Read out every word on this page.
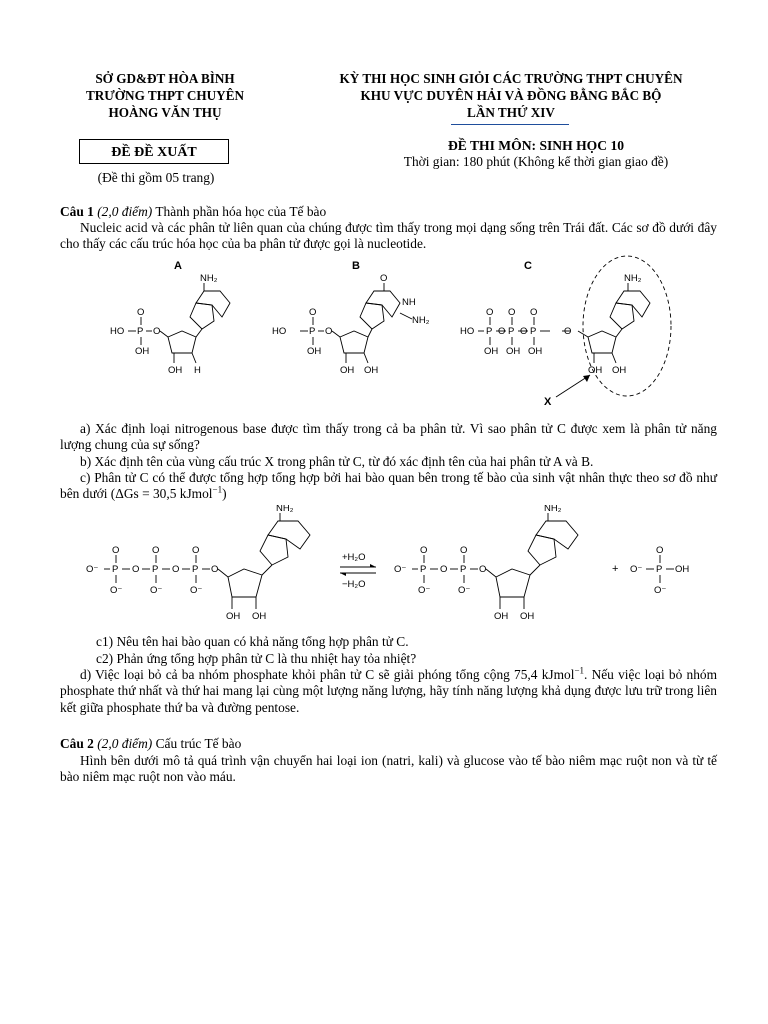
SỞ GD&ĐT HÒA BÌNH
TRƯỜNG THPT CHUYÊN
HOÀNG VĂN THỤ
KỲ THI HỌC SINH GIỎI CÁC TRƯỜNG THPT CHUYÊN
KHU VỰC DUYÊN HẢI VÀ ĐỒNG BẰNG BẮC BỘ
LẦN THỨ XIV
ĐỀ ĐỀ XUẤT
(Đề thi gồm 05 trang)
ĐỀ THI MÔN: SINH HỌC 10
Thời gian: 180 phút (Không kể thời gian giao đề)
Câu 1 (2,0 điểm) Thành phần hóa học của Tế bào
Nucleic acid và các phân tử liên quan của chúng được tìm thấy trong mọi dạng sống trên Trái đất. Các sơ đồ dưới đây cho thấy các cấu trúc hóa học của ba phân tử được gọi là nucleotide.
A	B	C
X
NH₂
HO P
O
OH
O
OH H
O
NH
NH₂
HO P
O
OH
O
OH OH
NH₂
HO P P P
O O O
OH OH OH
O O	O
OH OH
a) Xác định loại nitrogenous base được tìm thấy trong cả ba phân tử. Vì sao phân tử C được xem là phân tử năng lượng chung của sự sống?
b) Xác định tên của vùng cấu trúc X trong phân tử C, từ đó xác định tên của hai phân tử A và B.
c) Phân tử C có thể được tổng hợp tổng hợp bởi hai bào quan bên trong tế bào của sinh vật nhân thực theo sơ đồ như bên dưới (ΔGs = 30,5 kJmol$^{-1}$)
O⁻ P
O
O⁻
O P
O
O⁻
O P
O
O⁻
O
NH₂
OH OH
+H₂O
−H₂O
O⁻ P
O
O⁻
O P
O
O⁻
O
NH₂
OH OH
+ O⁻ P
O
O⁻
OH
c1) Nêu tên hai bào quan có khả năng tổng hợp phân tử C.
c2) Phản ứng tổng hợp phân tử C là thu nhiệt hay tỏa nhiệt?
d) Việc loại bỏ cả ba nhóm phosphate khỏi phân tử C sẽ giải phóng tổng cộng 75,4 kJmol$^{-1}$. Nếu việc loại bỏ nhóm phosphate thứ nhất và thứ hai mang lại cùng một lượng năng lượng, hãy tính năng lượng khả dụng được lưu trữ trong liên kết giữa phosphate thứ ba và đường pentose.
Câu 2 (2,0 điểm) Cấu trúc Tế bào
Hình bên dưới mô tả quá trình vận chuyển hai loại ion (natri, kali) và glucose vào tế bào niêm mạc ruột non và từ tế bào niêm mạc ruột non vào máu.
